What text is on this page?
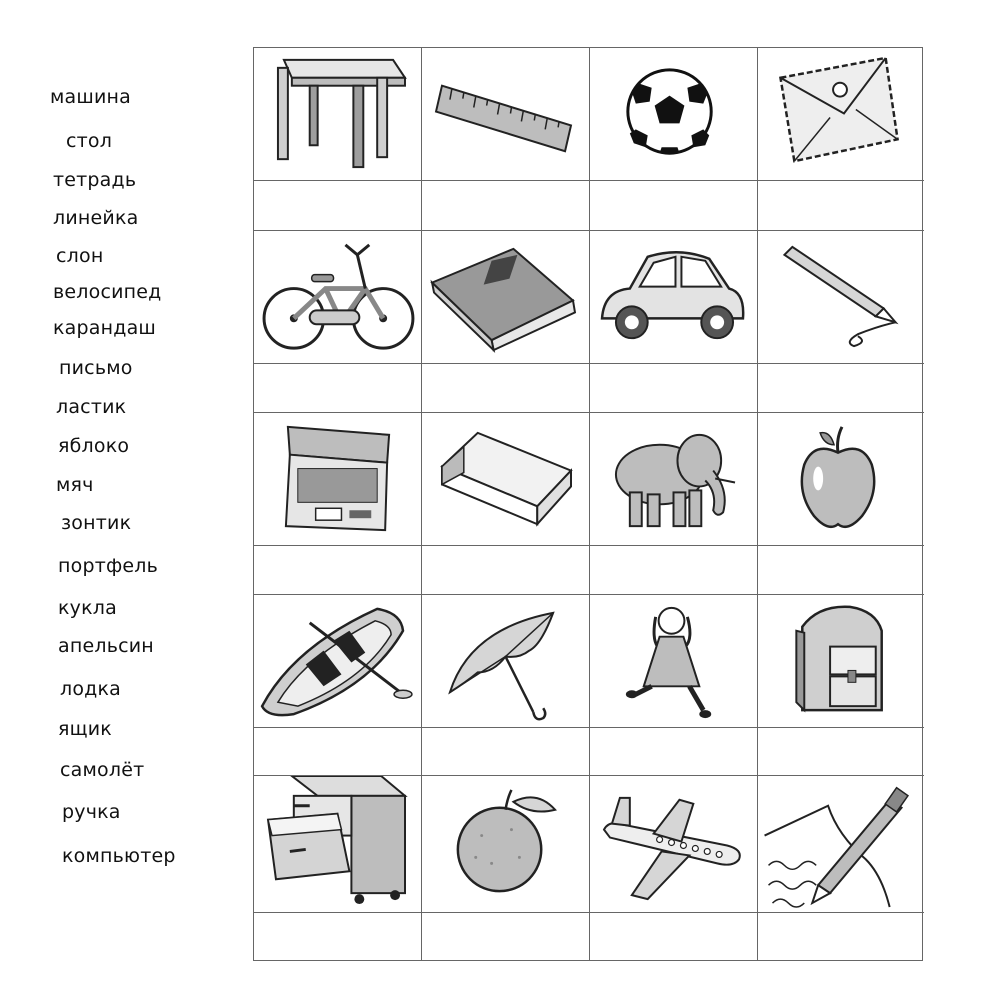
машина
стол
тетрадь
линейка
слон
велосипед
карандаш
письмо
ластик
яблоко
мяч
зонтик
портфель
кукла
апельсин
лодка
ящик
самолёт
ручка
компьютер
